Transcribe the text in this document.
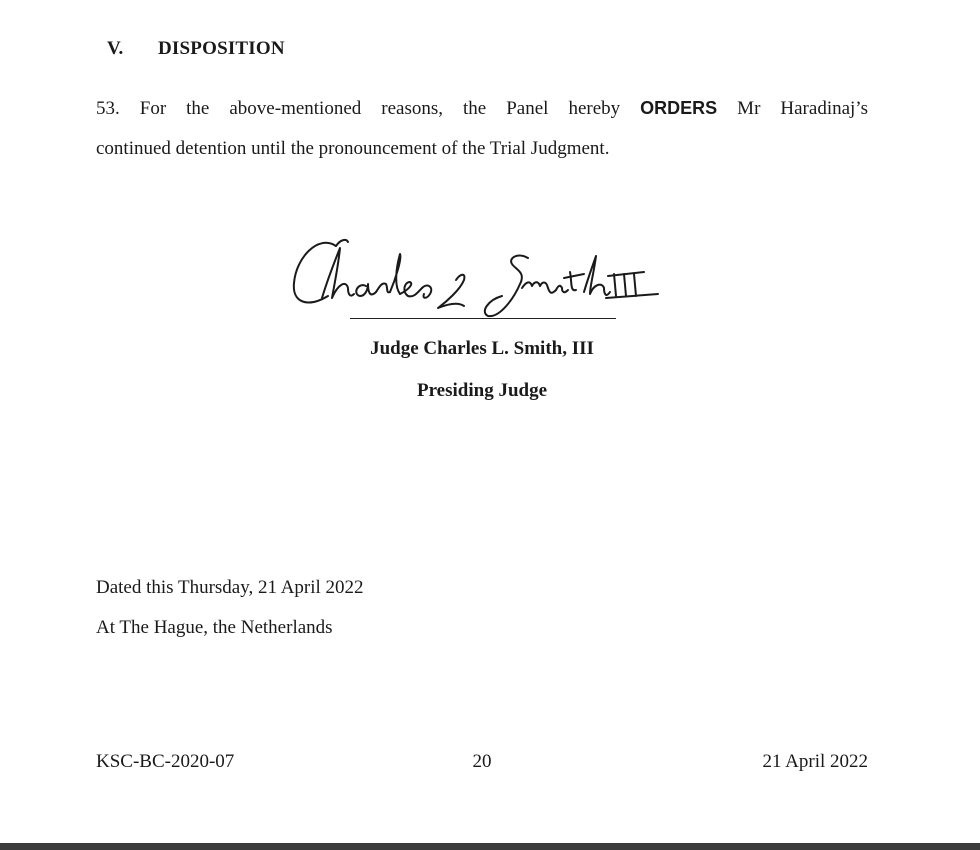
V. DISPOSITION
53. For the above-mentioned reasons, the Panel hereby ORDERS Mr Haradinaj’s
continued detention until the pronouncement of the Trial Judgment.
Judge Charles L. Smith, III
Presiding Judge
Dated this Thursday, 21 April 2022
At The Hague, the Netherlands
KSC-BC-2020-07	20	21 April 2022
